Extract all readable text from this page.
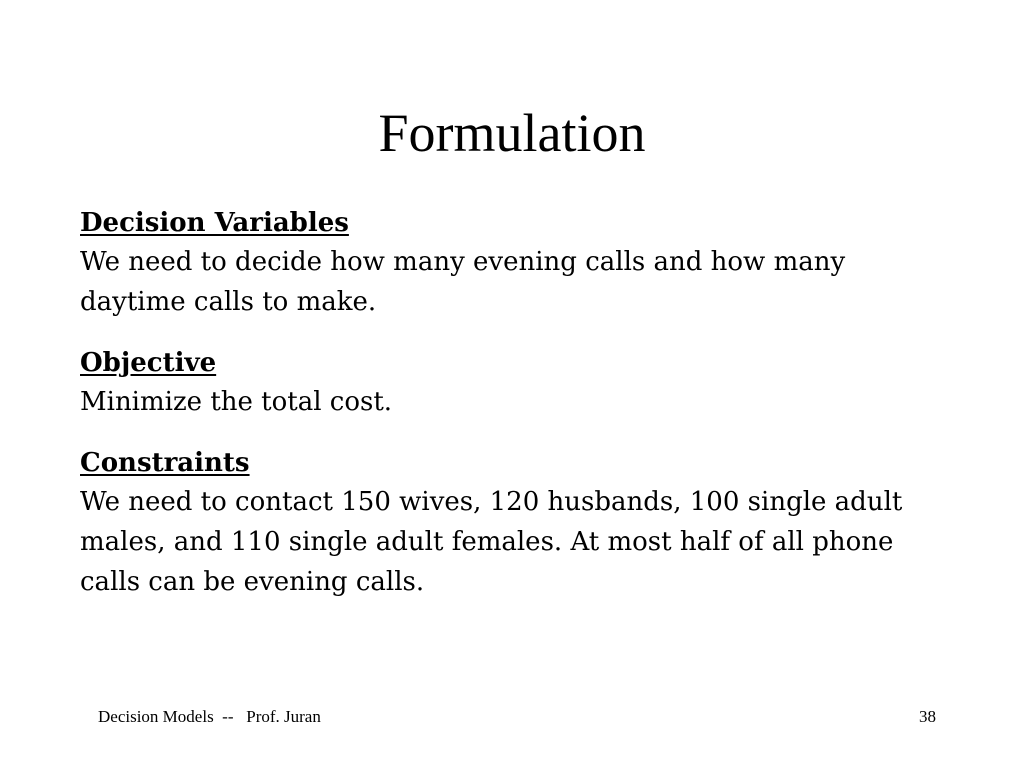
Formulation
Decision Variables

We need to decide how many evening calls and how many daytime calls to make.

Objective

Minimize the total cost.

Constraints

We need to contact 150 wives, 120 husbands, 100 single adult males, and 110 single adult females. At most half of all phone calls can be evening calls.

Decision Models  --   Prof. Juran	38
